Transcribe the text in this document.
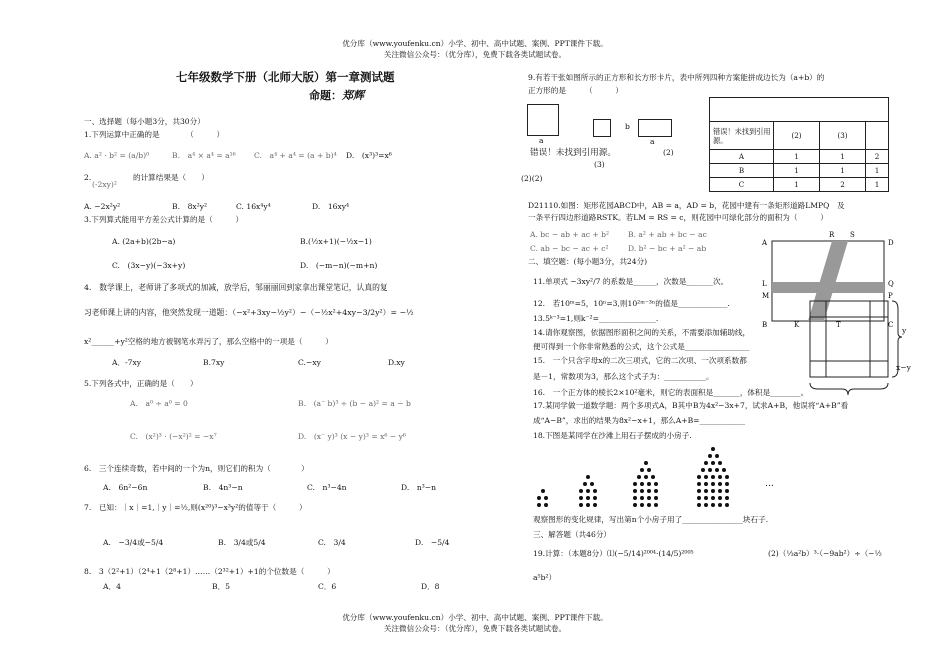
优分库（www.youfenku.cn）小学、初中、高中试题、案例、PPT课件下载。
关注微信公众号：（优分库），免费下载各类试题试卷。
七年级数学下册（北师大版）第一章测试题
命题：郑辉
一、选择题（每小题3分，共30分）
1.下列运算中正确的是　　　　（　　　）
A. a² · b² = (a/b)⁰	B.　a⁴ × a⁴ = a¹⁶ C.　a⁴ + a⁴ = (a + b)⁴ D.　(x³)³=x⁶
2.
(-2xy)²
的计算结果是（　　）
A. −2x²y²	B.　8x²y²	C. 16x⁴y⁴	D.　16xy⁴
3.下列算式能用平方差公式计算的是（　　　）
A. (2a+b)(2b−a)	B.(½x+1)(−½x−1)
C.　(3x−y)(−3x+y)	D.　(−m−n)(−m+n)
4.　数学课上，老师讲了多项式的加减，放学后，邹丽丽回到家拿出课堂笔记，认真的复
习老师课上讲的内容，他突然发现一道题：（−x²+3xy−½y²）−（−½x²+4xy−3/2y²）= −½
x²______+y²空格的地方被钢笔水弄污了，那么空格中的一项是（　　　）
A．-7xy	B.7xy	C.−xy	D.xy
5.下列各式中，正确的是（　　）
A.　a⁰ ÷ a⁰ = 0	B.　(a⁻ b)³ ÷ (b − a)² = a − b
C.　(x²)³ · (−x²)² = −x⁷	D.　(x⁻ y)³ (x − y)³ = x⁶ − y⁶
6.　三个连续奇数，若中间的一个为n，则它们的积为（　　　　）
A.　6n²−6n	B.　4n³−n	C.　n³−4n	D.　n³−n
7.　已知：｜x｜=1,｜y｜=½,则(x²⁰)³−x³y²的值等于（　　　）
A.　−3/4或−5/4	B.　3/4或5/4	C.　3/4	D.　−5/4
8.　3（2²+1）（2⁴+1（2⁸+1）……（2³²+1）+1的个位数是（　　　）
A．4	B．5	C．6	D．8
9.有若干张如图所示的正方形和长方形卡片，表中所列四种方案能拼成边长为（a+b）的
正方形的是　　　（　　　）
a
b
a
错误！未找到引用源。	(2)
(3)
(2)(2)

错误！未找到引用源。	(2)	(3)	
A	1	1	2
B	1	1	1
C	1	2	1
D21110.如图：矩形花园ABCD中，AB = a，AD = b，花园中建有一条矩形道路LMPQ　及
一条平行四边形道路RSTK。若LM = RS = c，则花园中可绿化部分的面积为（　　　）
A. bc − ab + ac + b² B. a² + ab + bc − ac
C. ab − bc − ac + c²	D. b² − bc + a² − ab
A	D
L	Q
M	P
R S
B	C
K	T
二、填空题：(每小题3分，共24分)
11.单项式 −3xy²/7 的系数是______，次数是_______次。
12.　若10ᵐ=5，10ⁿ=3,则10²ᵐ⁻³ⁿ的值是_____________.
13.5ᵏ⁻³=1,则k⁻²=_______________.
14.请你观察图，依据图形面积之间的关系，不需要添加辅助线，
便可得到一个你非常熟悉的公式，这个公式是_________________
15.　一个只含字母x的二次三项式，它的二次项、一次项系数都
是－1，常数项为3，那么这个式子为：___________。
y
x−y
16.　一个正方体的棱长2×10²毫米，则它的表面积是_______，体积是________。
17.某同学做一道数学题：两个多项式A，B其中B为4x²−3x+7，试求A+B，他误将“A+B”看
成“A−B”，求出的结果为8x²−x+1，那么A+B=____________
18.下图是某同学在沙滩上用石子摆成的小房子.
…
观察图形的变化规律，写出第n个小房子用了________________块石子.
三、解答题（共46分）
19.计算：（本题8分）⑴(−5/14)²⁰⁰⁴·(14/5)²⁰⁰⁵	(2)（⅓a²b）³·（−9ab²）÷（−½
a⁵b²）
优分库（www.youfenku.cn）小学、初中、高中试题、案例、PPT课件下载。
关注微信公众号：（优分库），免费下载各类试题试卷。
